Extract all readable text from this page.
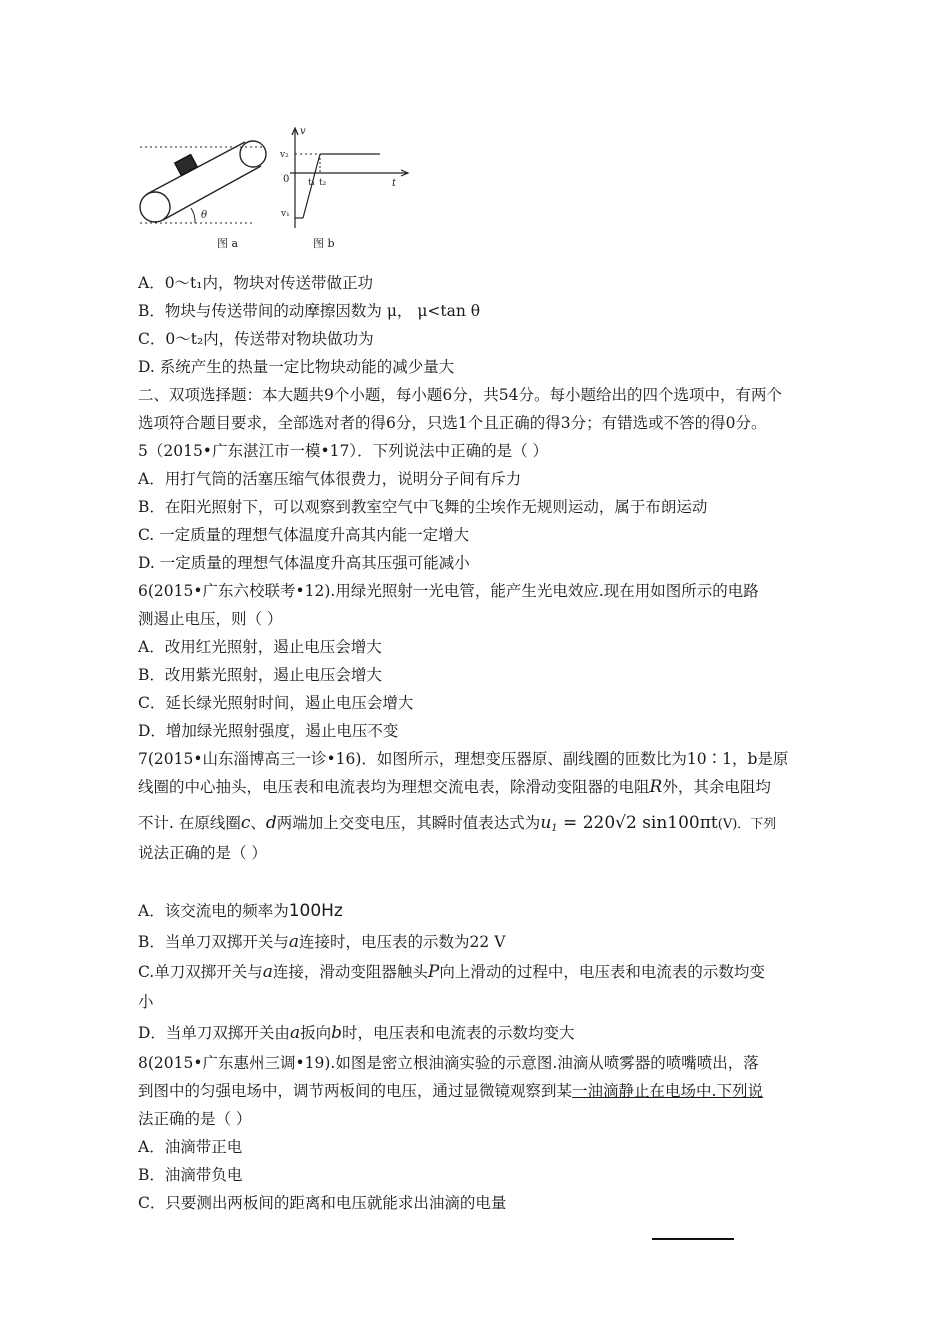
θ
图 a
v
v₂
0 t₁ t₂	t
v₁
图 b
A．0～t₁内，物块对传送带做正功
B．物块与传送带间的动摩擦因数为 μ， μ<tan θ
C．0～t₂内，传送带对物块做功为
D. 系统产生的热量一定比物块动能的减少量大
二、双项选择题：本大题共9个小题，每小题6分，共54分。每小题给出的四个选项中，有两个
选项符合题目要求，全部选对者的得6分，只选1个且正确的得3分；有错选或不答的得0分。
5（2015•广东湛江市一模•17）．下列说法中正确的是（ ）
A．用打气筒的活塞压缩气体很费力，说明分子间有斥力
B．在阳光照射下，可以观察到教室空气中飞舞的尘埃作无规则运动，属于布朗运动
C. 一定质量的理想气体温度升高其内能一定增大
D. 一定质量的理想气体温度升高其压强可能减小
6(2015•广东六校联考•12).用绿光照射一光电管，能产生光电效应.现在用如图所示的电路
测遏止电压，则（ ）
A．改用红光照射，遏止电压会增大
B．改用紫光照射，遏止电压会增大
C．延长绿光照射时间，遏止电压会增大
D．增加绿光照射强度，遏止电压不变
7(2015•山东淄博高三一诊•16)．如图所示，理想变压器原、副线圈的匝数比为10∶1，b是原
线圈的中心抽头，电压表和电流表均为理想交流电表，除滑动变阻器的电阻R外，其余电阻均
不计. 在原线圈c、d两端加上交变电压，其瞬时值表达式为$u_1 = 220√2$ sin100πt(V)．下列
说法正确的是（ ）
A．该交流电的频率为100Hz
B．当单刀双掷开关与a连接时，电压表的示数为22 V
C.单刀双掷开关与a连接，滑动变阻器触头P向上滑动的过程中，电压表和电流表的示数均变
小
D．当单刀双掷开关由a扳向b时，电压表和电流表的示数均变大
8(2015•广东惠州三调•19).如图是密立根油滴实验的示意图.油滴从喷雾器的喷嘴喷出，落
到图中的匀强电场中，调节两板间的电压，通过显微镜观察到某一油滴静止在电场中.下列说
法正确的是（ ）
A．油滴带正电
B．油滴带负电
C．只要测出两板间的距离和电压就能求出油滴的电量
